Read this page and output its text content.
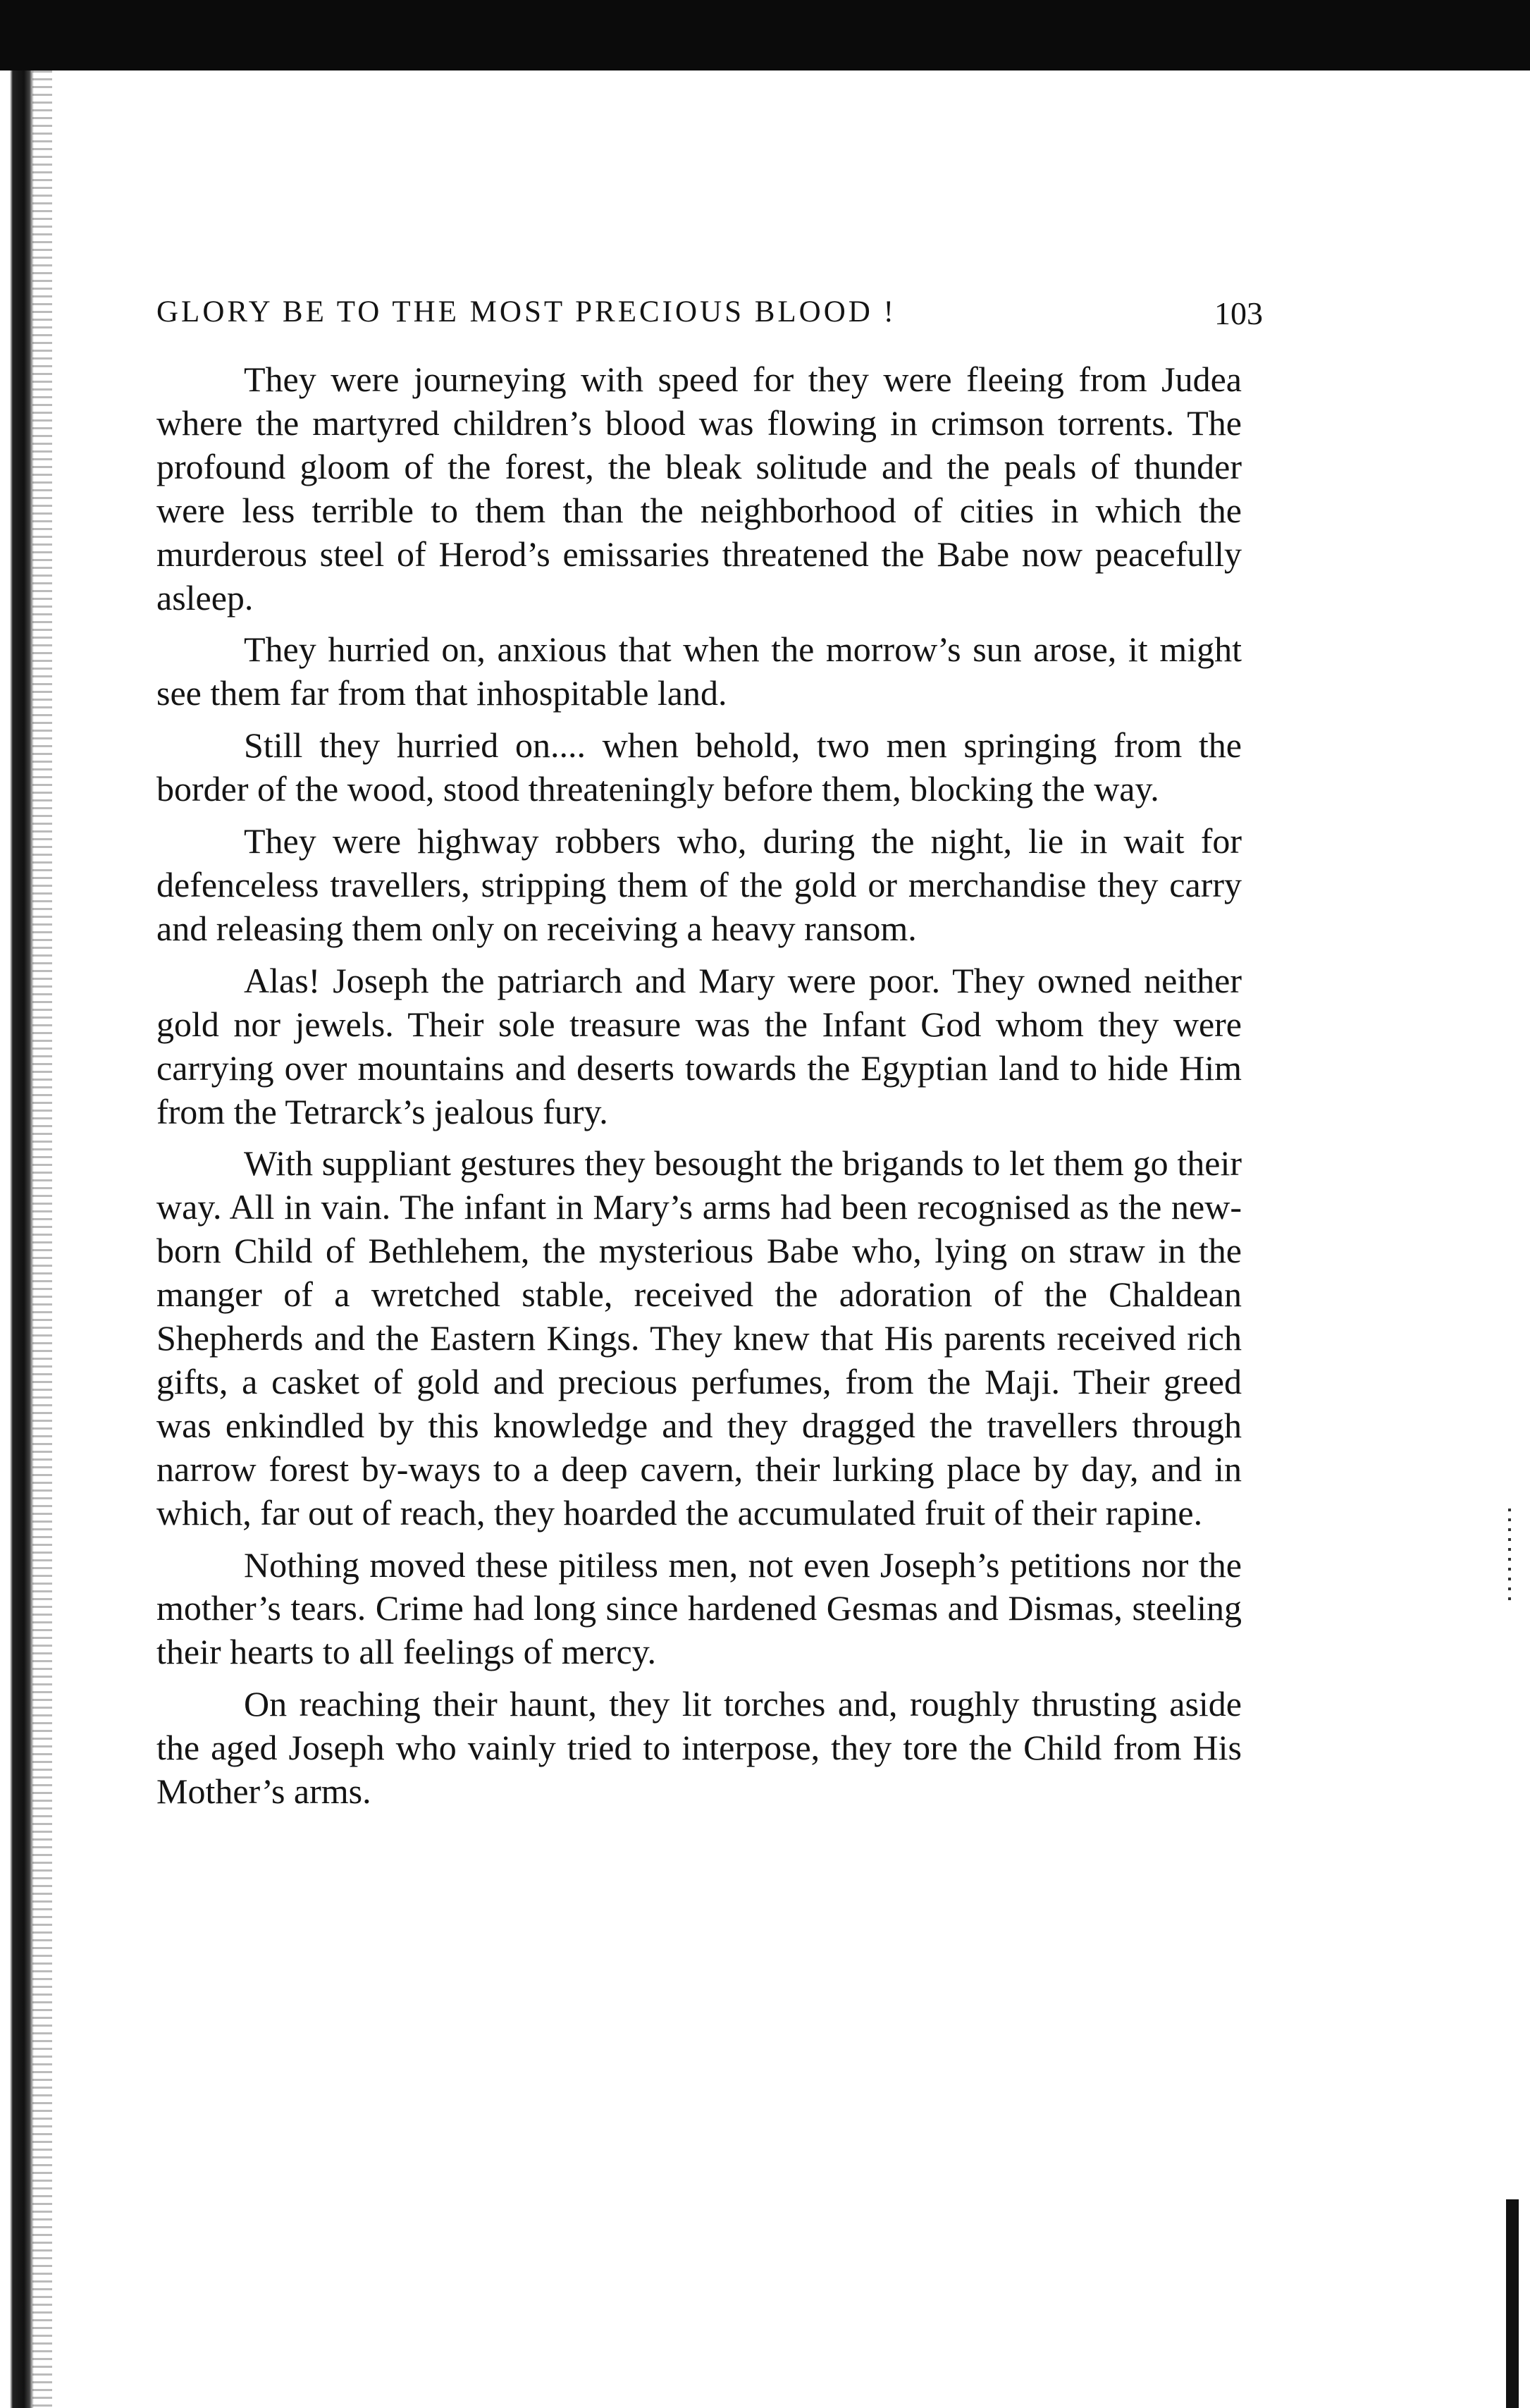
GLORY BE TO THE MOST PRECIOUS BLOOD !	103

They were journeying with speed for they were fleeing from Judea where the martyred children’s blood was flowing in crimson torrents. The profound gloom of the forest, the bleak solitude and the peals of thunder were less terrible to them than the neighborhood of cities in which the murderous steel of Herod’s emissaries threatened the Babe now peacefully asleep.

They hurried on, anxious that when the morrow’s sun arose, it might see them far from that inhospitable land.

Still they hurried on.... when behold, two men springing from the border of the wood, stood threateningly before them, blocking the way.

They were highway robbers who, during the night, lie in wait for defenceless travellers, stripping them of the gold or merchandise they carry and releasing them only on receiving a heavy ransom.

Alas! Joseph the patriarch and Mary were poor. They owned neither gold nor jewels. Their sole treasure was the Infant God whom they were carrying over mountains and deserts towards the Egyptian land to hide Him from the Tetrarck’s jealous fury.

With suppliant gestures they besought the brigands to let them go their way. All in vain. The infant in Mary’s arms had been recognised as the new-born Child of Bethlehem, the mysterious Babe who, lying on straw in the manger of a wretched stable, received the adoration of the Chaldean Shepherds and the Eastern Kings. They knew that His parents received rich gifts, a casket of gold and precious perfumes, from the Maji. Their greed was enkindled by this knowledge and they dragged the travellers through narrow forest by-ways to a deep cavern, their lurking place by day, and in which, far out of reach, they hoarded the accumulated fruit of their rapine.

Nothing moved these pitiless men, not even Joseph’s petitions nor the mother’s tears. Crime had long since hardened Gesmas and Dismas, steeling their hearts to all feelings of mercy.

On reaching their haunt, they lit torches and, roughly thrusting aside the aged Joseph who vainly tried to interpose, they tore the Child from His Mother’s arms.
